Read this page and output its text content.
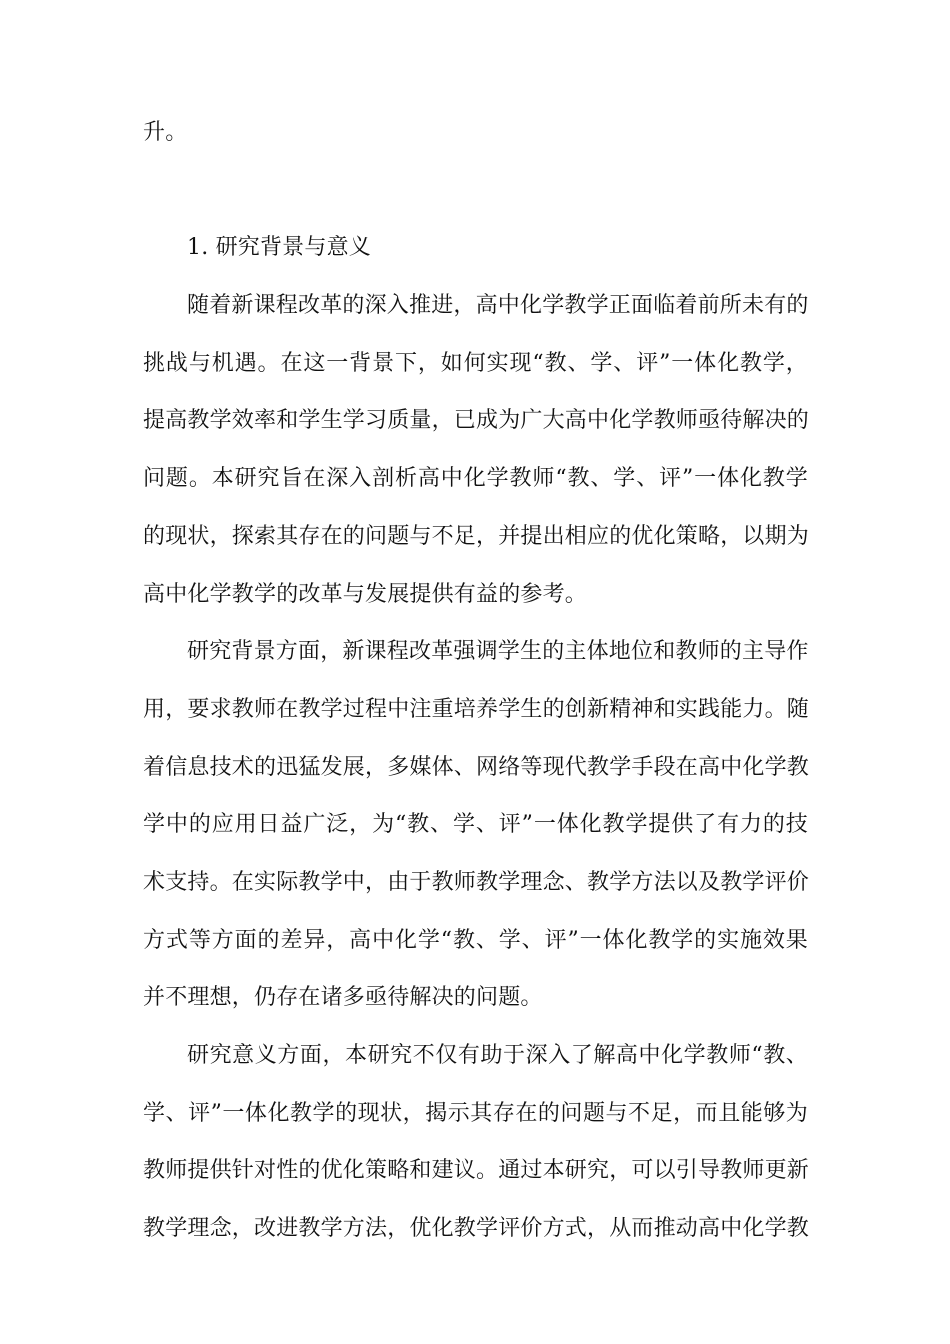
升。
1. 研究背景与意义
随着新课程改革的深入推进，高中化学教学正面临着前所未有的
挑战与机遇。在这一背景下，如何实现“教、学、评”一体化教学，
提高教学效率和学生学习质量，已成为广大高中化学教师亟待解决的
问题。本研究旨在深入剖析高中化学教师“教、学、评”一体化教学
的现状，探索其存在的问题与不足，并提出相应的优化策略，以期为
高中化学教学的改革与发展提供有益的参考。
研究背景方面，新课程改革强调学生的主体地位和教师的主导作
用，要求教师在教学过程中注重培养学生的创新精神和实践能力。随
着信息技术的迅猛发展，多媒体、网络等现代教学手段在高中化学教
学中的应用日益广泛，为“教、学、评”一体化教学提供了有力的技
术支持。在实际教学中，由于教师教学理念、教学方法以及教学评价
方式等方面的差异，高中化学“教、学、评”一体化教学的实施效果
并不理想，仍存在诸多亟待解决的问题。
研究意义方面，本研究不仅有助于深入了解高中化学教师“教、
学、评”一体化教学的现状，揭示其存在的问题与不足，而且能够为
教师提供针对性的优化策略和建议。通过本研究，可以引导教师更新
教学理念，改进教学方法，优化教学评价方式，从而推动高中化学教
